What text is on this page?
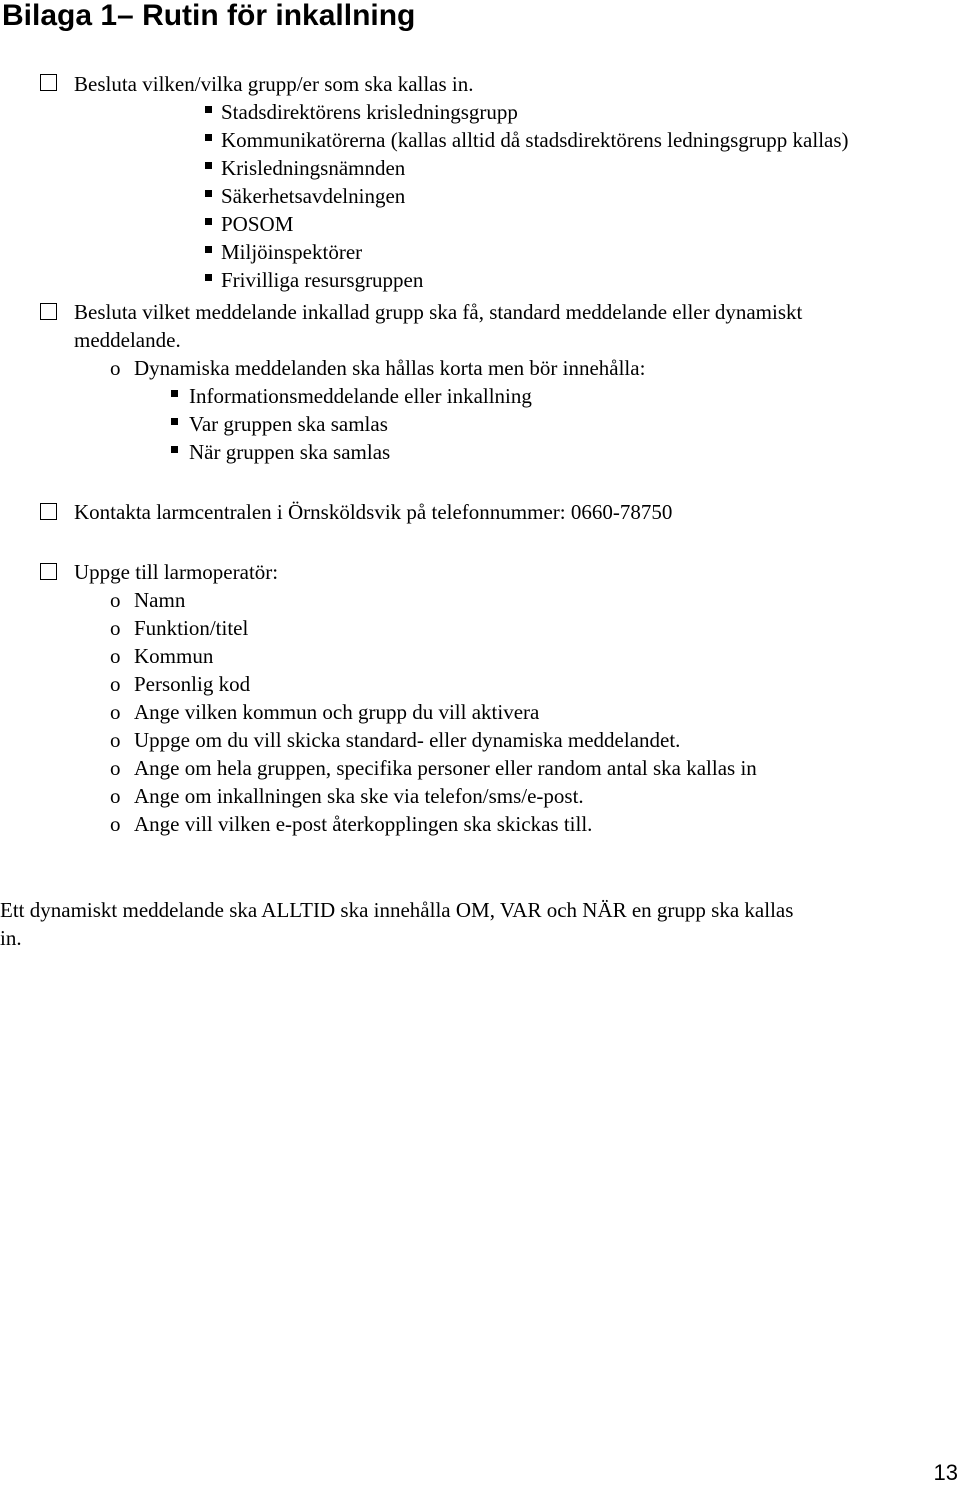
Bilaga 1– Rutin för inkallning
Besluta vilken/vilka grupp/er som ska kallas in.
Stadsdirektörens krisledningsgrupp
Kommunikatörerna (kallas alltid då stadsdirektörens ledningsgrupp kallas)
Krisledningsnämnden
Säkerhetsavdelningen
POSOM
Miljöinspektörer
Frivilliga resursgruppen
Besluta vilket meddelande inkallad grupp ska få, standard meddelande eller dynamiskt
meddelande.
o Dynamiska meddelanden ska hållas korta men bör innehålla:
Informationsmeddelande eller inkallning
Var gruppen ska samlas
När gruppen ska samlas
Kontakta larmcentralen i Örnsköldsvik på telefonnummer: 0660-78750
Uppge till larmoperatör:
o Namn
o Funktion/titel
o Kommun
o Personlig kod
o Ange vilken kommun och grupp du vill aktivera
o Uppge om du vill skicka standard- eller dynamiska meddelandet.
o Ange om hela gruppen, specifika personer eller random antal ska kallas in
o Ange om inkallningen ska ske via telefon/sms/e-post.
o Ange vill vilken e-post återkopplingen ska skickas till.
Ett dynamiskt meddelande ska ALLTID ska innehålla OM, VAR och NÄR en grupp ska kallas
in.
13
